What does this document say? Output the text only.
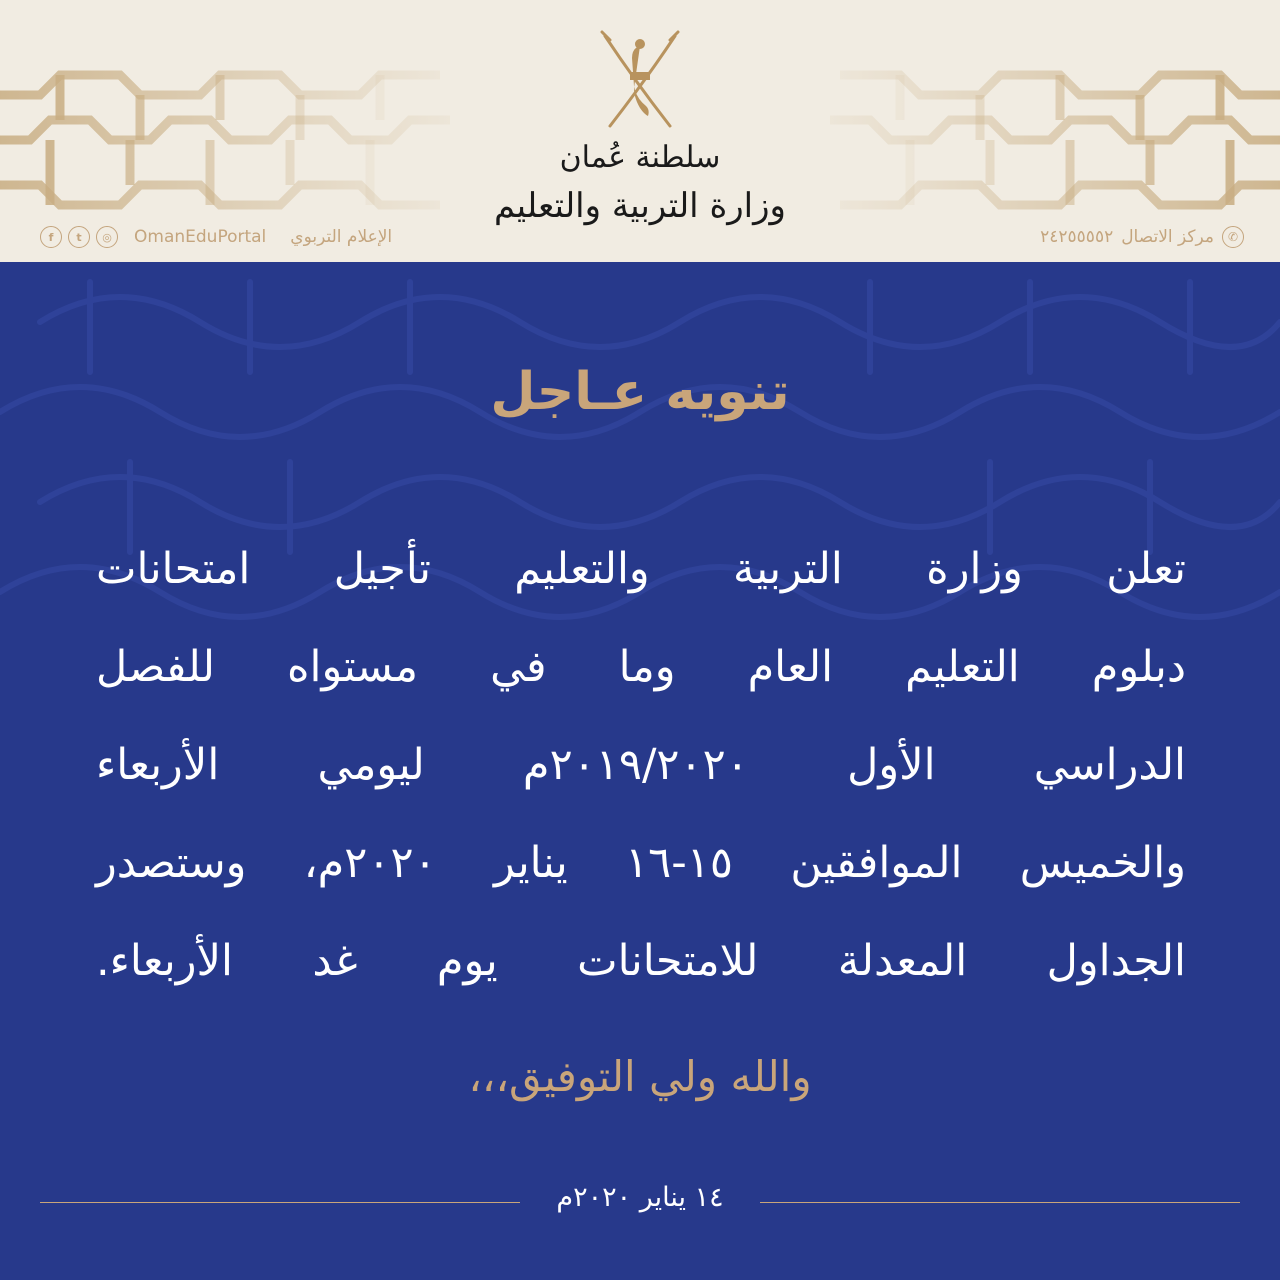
سلطنة عُمان
وزارة التربية والتعليم
✆
مركز الاتصال
٢٤٢٥٥٥٥٢
f	t	◎	OmanEduPortal الإعلام التربوي
تنويه عـاجل
تعلن وزارة التربية والتعليم تأجيل امتحانات
دبلوم التعليم العام وما في مستواه للفصل
الدراسي الأول ٢٠١٩/٢٠٢٠م ليومي الأربعاء
والخميس الموافقين ١٥-١٦ يناير ٢٠٢٠م، وستصدر
الجداول المعدلة للامتحانات يوم غد الأربعاء.
والله ولي التوفيق،،،
١٤ يناير ٢٠٢٠م
